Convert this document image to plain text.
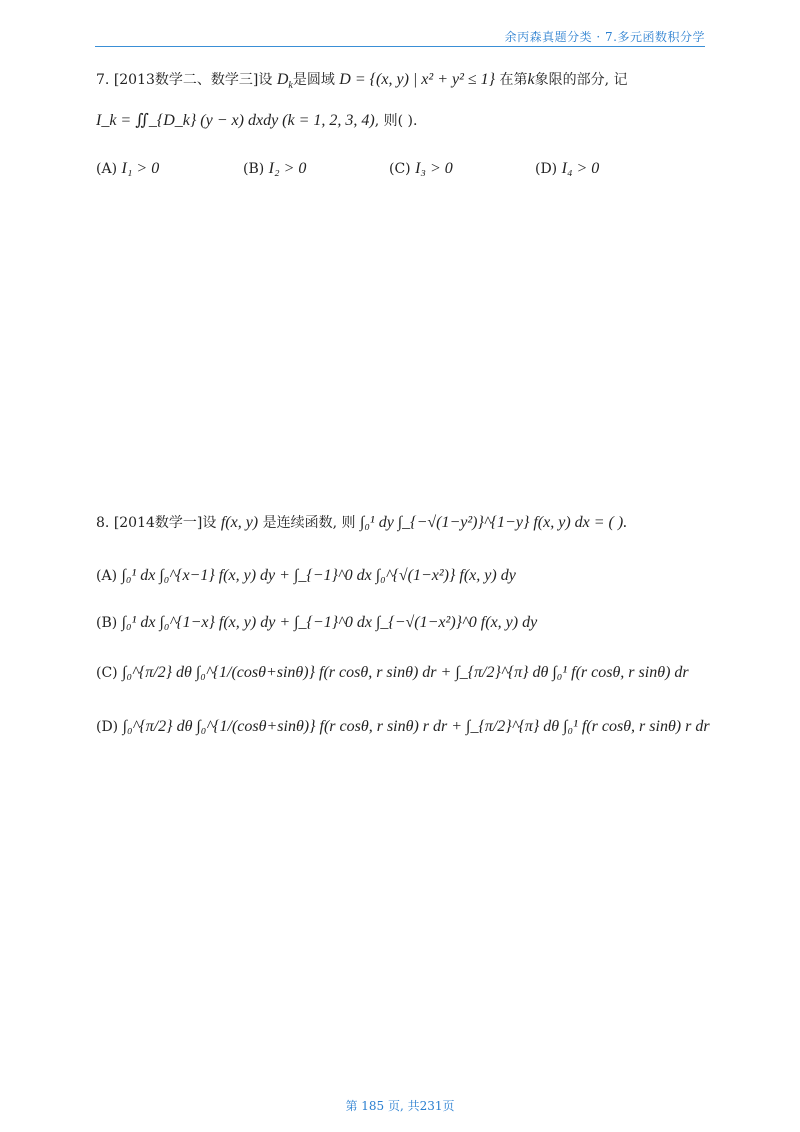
余丙森真题分类 · 7.多元函数积分学
7. [2013数学二、数学三]设 $D_k$是圆域 D = {(x, y) | x² + y² ≤ 1} 在第k象限的部分, 记
I_k = ∬_{D_k} (y − x) dxdy (k = 1, 2, 3, 4), 则( ).
(A) I₁ > 0	(B) I₂ > 0	(C) I₃ > 0	(D) I₄ > 0
8. [2014数学一]设 f(x, y) 是连续函数, 则 ∫₀¹ dy ∫_{−√(1−y²)}^{1−y} f(x, y) dx = ( ).
(A) ∫₀¹ dx ∫₀^{x−1} f(x, y) dy + ∫_{−1}^0 dx ∫₀^{√(1−x²)} f(x, y) dy
(B) ∫₀¹ dx ∫₀^{1−x} f(x, y) dy + ∫_{−1}^0 dx ∫_{−√(1−x²)}^0 f(x, y) dy
(C) ∫₀^{π/2} dθ ∫₀^{1/(cosθ+sinθ)} f(r cosθ, r sinθ) dr + ∫_{π/2}^{π} dθ ∫₀¹ f(r cosθ, r sinθ) dr
(D) ∫₀^{π/2} dθ ∫₀^{1/(cosθ+sinθ)} f(r cosθ, r sinθ) r dr + ∫_{π/2}^{π} dθ ∫₀¹ f(r cosθ, r sinθ) r dr
第 185 页, 共231页
